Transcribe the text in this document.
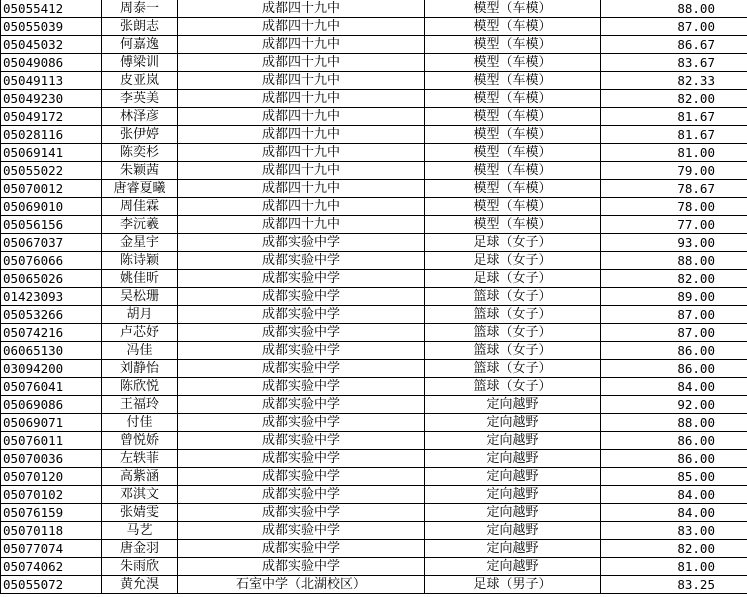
05055412	周泰一	成都四十九中	模型（车模）	88.00
05055039	张朗志	成都四十九中	模型（车模）	87.00
05045032	何嘉逸	成都四十九中	模型（车模）	86.67
05049086	傅梁训	成都四十九中	模型（车模）	83.67
05049113	皮亚岚	成都四十九中	模型（车模）	82.33
05049230	李英美	成都四十九中	模型（车模）	82.00
05049172	林泽彦	成都四十九中	模型（车模）	81.67
05028116	张伊婷	成都四十九中	模型（车模）	81.67
05069141	陈奕杉	成都四十九中	模型（车模）	81.00
05055022	朱颖茜	成都四十九中	模型（车模）	79.00
05070012	唐睿夏曦	成都四十九中	模型（车模）	78.67
05069010	周佳霖	成都四十九中	模型（车模）	78.00
05056156	李沅羲	成都四十九中	模型（车模）	77.00
05067037	金星宇	成都实验中学	足球（女子）	93.00
05076066	陈诗颖	成都实验中学	足球（女子）	88.00
05065026	姚佳昕	成都实验中学	足球（女子）	82.00
01423093	吴松珊	成都实验中学	篮球（女子）	89.00
05053266	胡月	成都实验中学	篮球（女子）	87.00
05074216	卢芯妤	成都实验中学	篮球（女子）	87.00
06065130	冯佳	成都实验中学	篮球（女子）	86.00
03094200	刘静怡	成都实验中学	篮球（女子）	86.00
05076041	陈欣悦	成都实验中学	篮球（女子）	84.00
05069086	王福玲	成都实验中学	定向越野	92.00
05069071	付佳	成都实验中学	定向越野	88.00
05076011	曾悦娇	成都实验中学	定向越野	86.00
05070036	左轶菲	成都实验中学	定向越野	86.00
05070120	高紫涵	成都实验中学	定向越野	85.00
05070102	邓淇文	成都实验中学	定向越野	84.00
05076159	张婧雯	成都实验中学	定向越野	84.00
05070118	马艺	成都实验中学	定向越野	83.00
05077074	唐金羽	成都实验中学	定向越野	82.00
05074062	朱雨欣	成都实验中学	定向越野	81.00
05055072	黄允湨	石室中学（北湖校区）	足球（男子）	83.25
